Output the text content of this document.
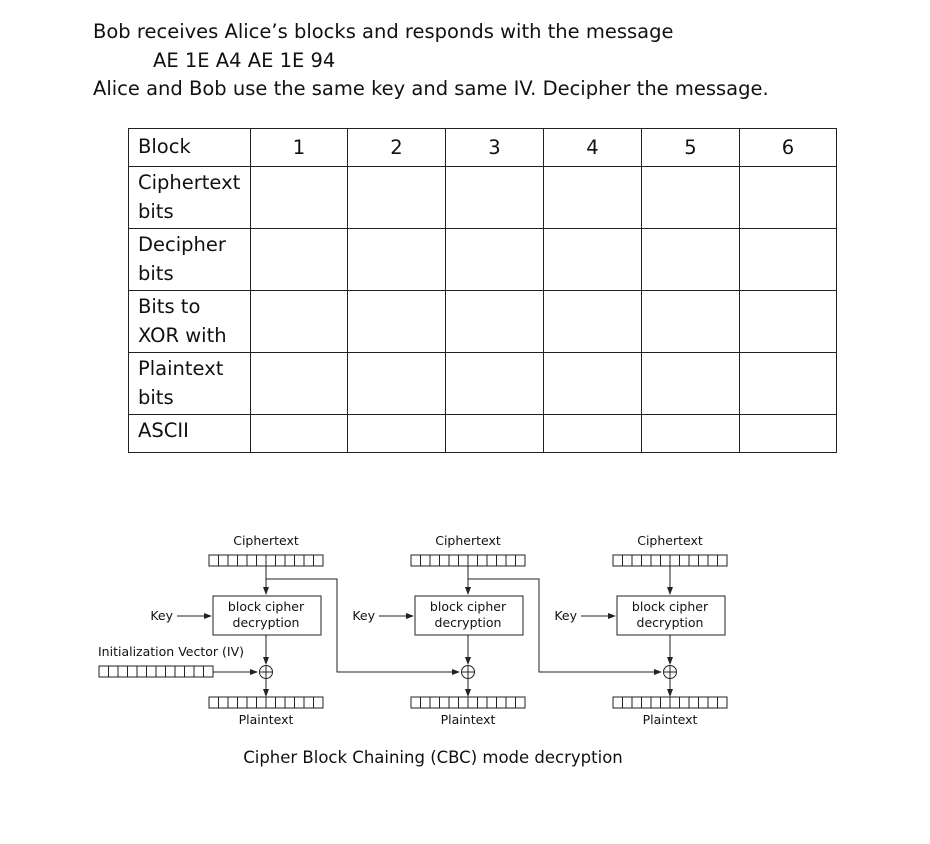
Bob receives Alice’s blocks and responds with the message
AE 1E A4 AE 1E 94
Alice and Bob use the same key and same IV. Decipher the message.
Block	1	2	3	4	5	6

Ciphertext
bits						

Decipher
bits						

Bits to
XOR with						

Plaintext
bits						

ASCII						

Ciphertext
block cipher
decryption
Key
Plaintext
Ciphertext
block cipher
decryption
Key
Plaintext
Ciphertext
block cipher
decryption
Key
Plaintext
Initialization Vector (IV)
Cipher Block Chaining (CBC) mode decryption
